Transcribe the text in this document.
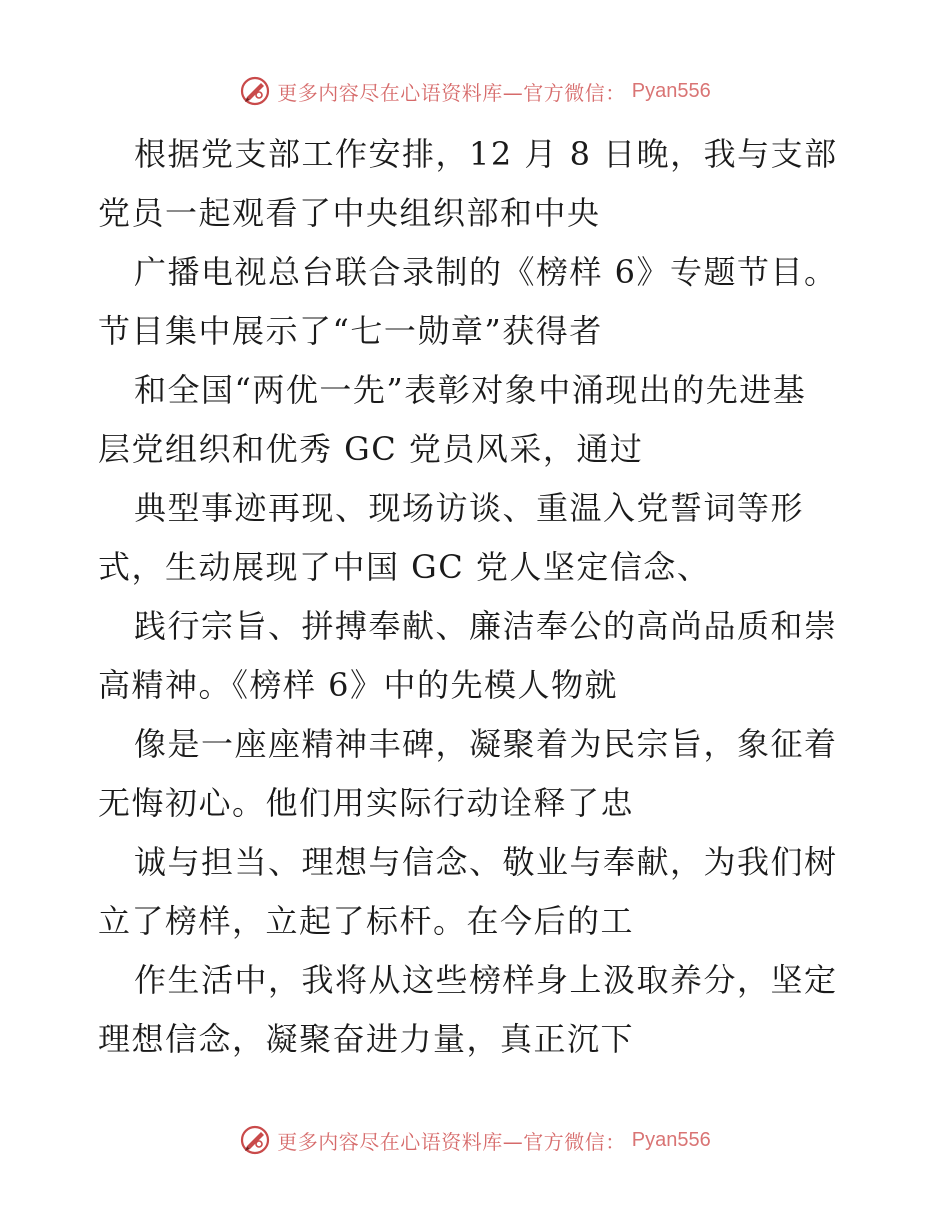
更多内容尽在心语资料库—官方微信： Pyan556
根据党支部工作安排，12 月 8 日晚，我与支部
党员一起观看了中央组织部和中央
广播电视总台联合录制的《榜样 6》专题节目。
节目集中展示了“七一勋章”获得者
和全国“两优一先”表彰对象中涌现出的先进基
层党组织和优秀 GC 党员风采，通过
典型事迹再现、现场访谈、重温入党誓词等形
式，生动展现了中国 GC 党人坚定信念、
践行宗旨、拼搏奉献、廉洁奉公的高尚品质和崇
高精神。《榜样 6》中的先模人物就
像是一座座精神丰碑，凝聚着为民宗旨，象征着
无悔初心。他们用实际行动诠释了忠
诚与担当、理想与信念、敬业与奉献，为我们树
立了榜样，立起了标杆。在今后的工
作生活中，我将从这些榜样身上汲取养分，坚定
理想信念，凝聚奋进力量，真正沉下
更多内容尽在心语资料库—官方微信： Pyan556
